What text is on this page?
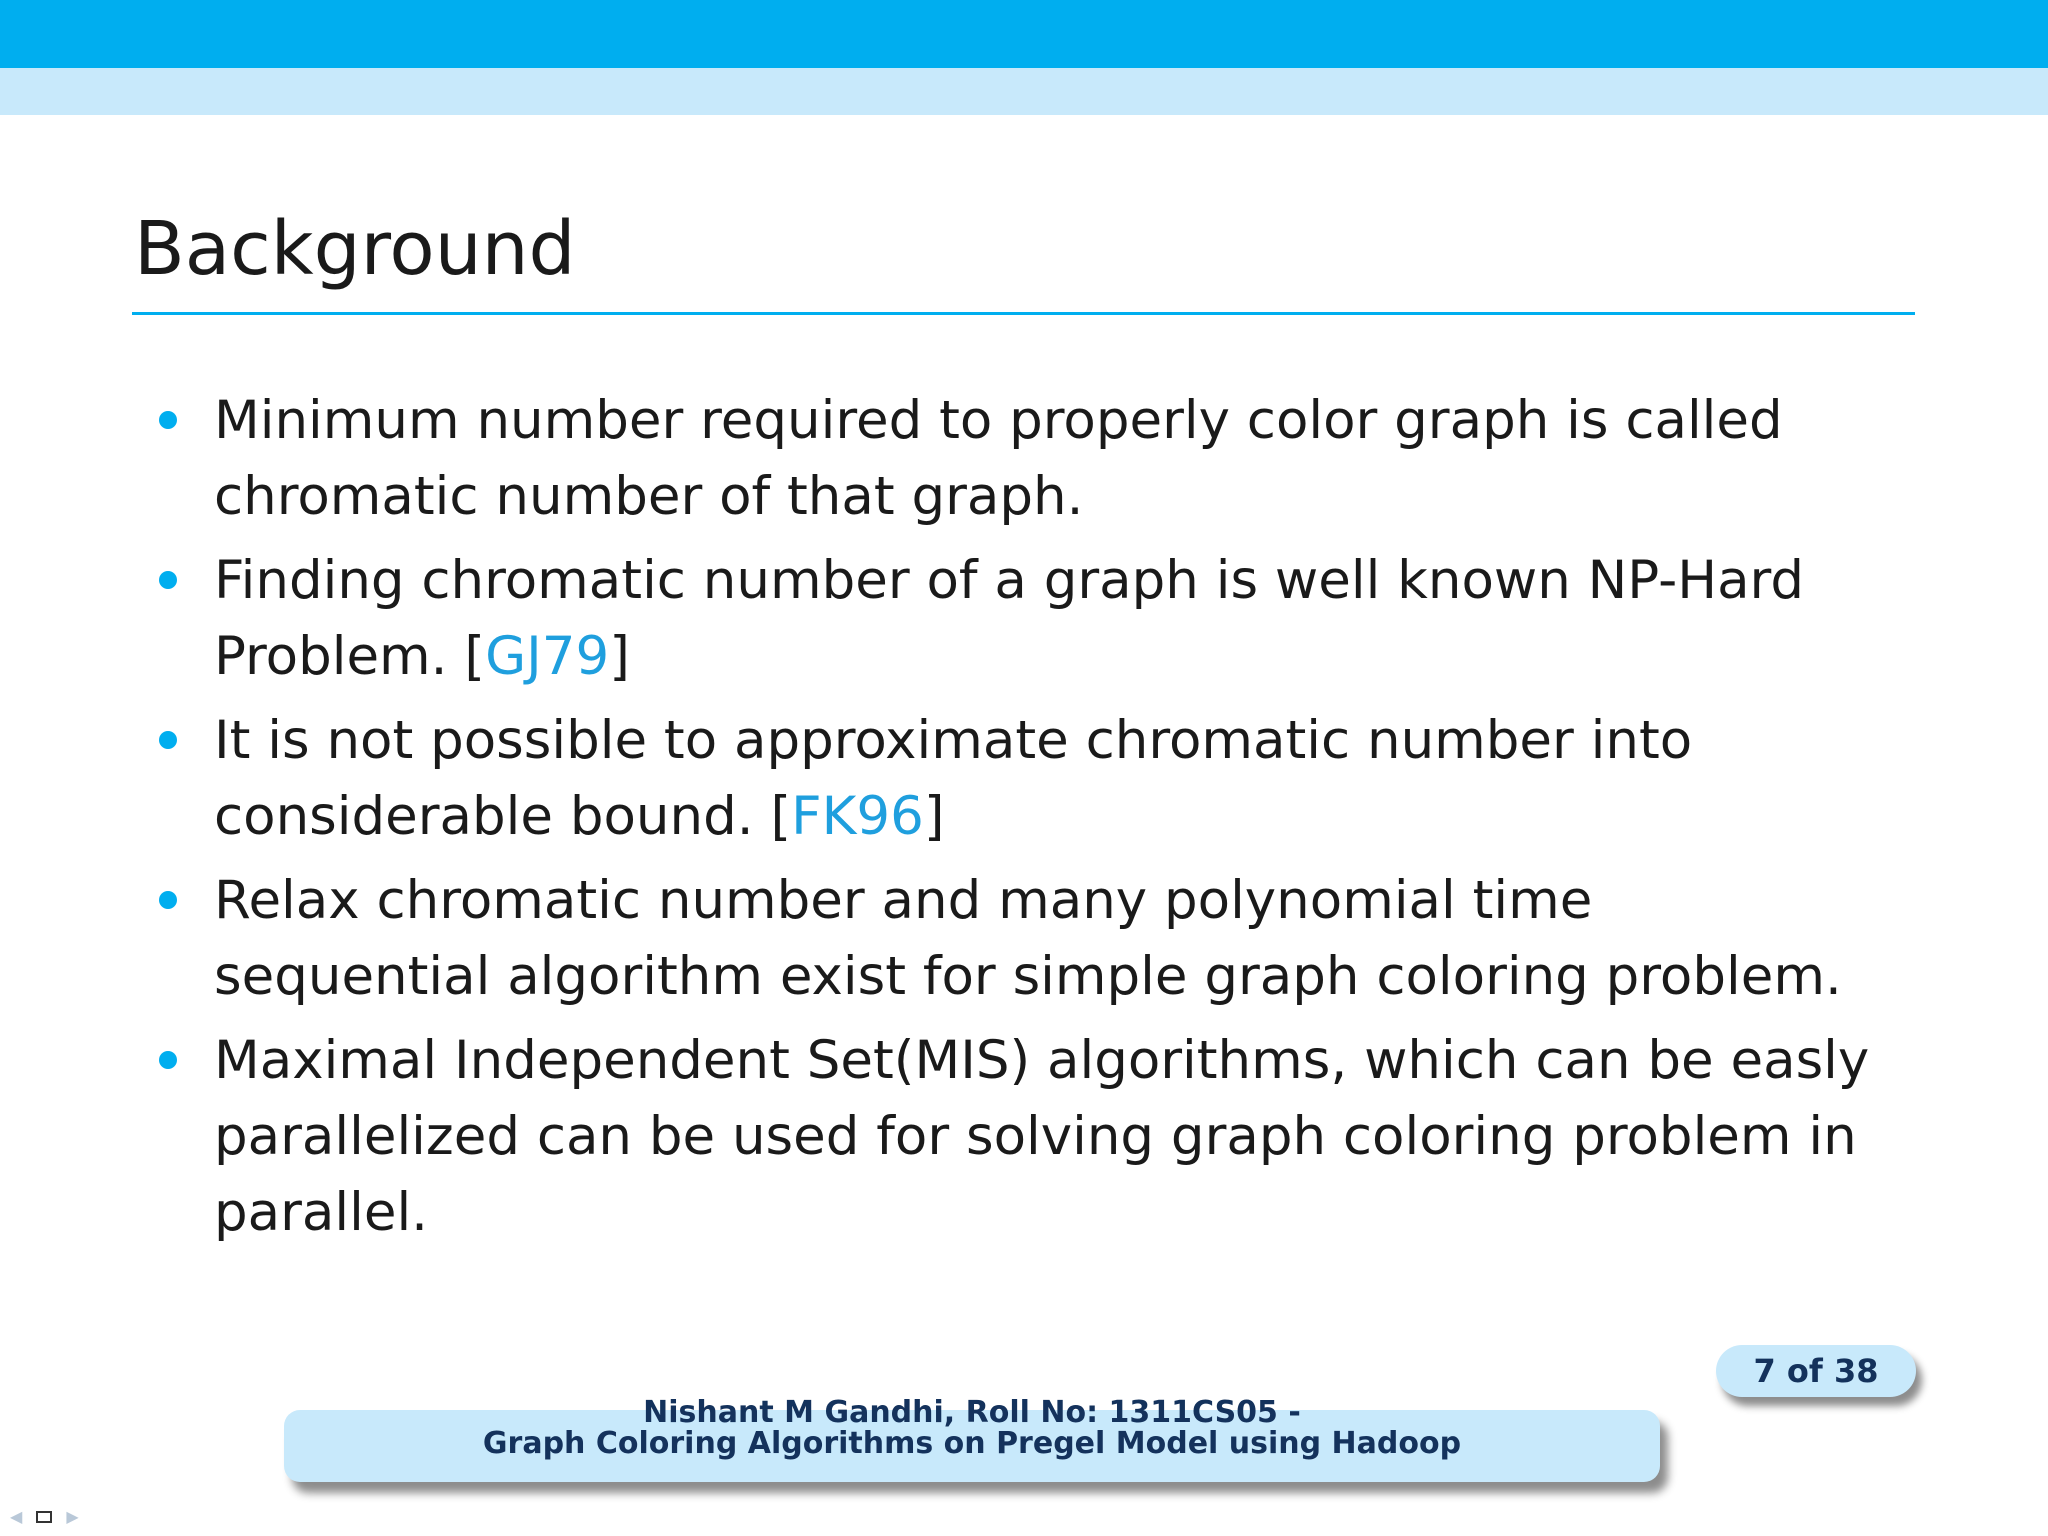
Background
Minimum number required to properly color graph is called chromatic number of that graph.
Finding chromatic number of a graph is well known NP-Hard Problem. [GJ79]
It is not possible to approximate chromatic number into considerable bound. [FK96]
Relax chromatic number and many polynomial time sequential algorithm exist for simple graph coloring problem.
Maximal Independent Set(MIS) algorithms, which can be easly parallelized can be used for solving graph coloring problem in parallel.
7 of 38
Nishant M Gandhi, Roll No: 1311CS05 -
Graph Coloring Algorithms on Pregel Model using Hadoop
◀	▶
